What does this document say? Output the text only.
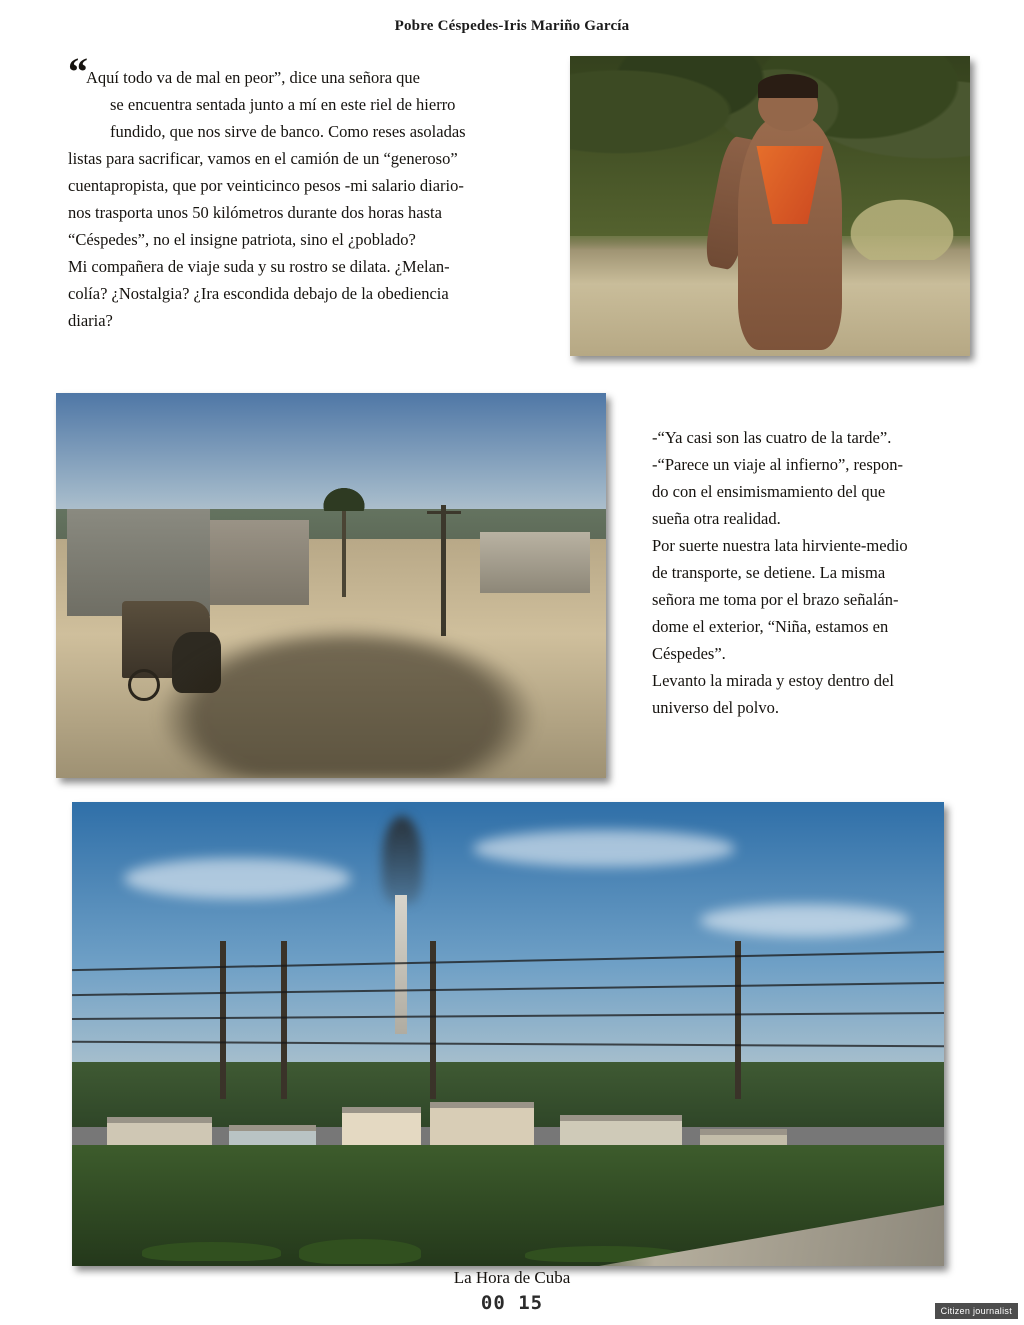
Pobre Céspedes-Iris Mariño García
“ Aquí todo va de mal en peor”, dice una señora que
se encuentra sentada junto a mí en este riel de hierro
fundido, que nos sirve de banco. Como reses asoladas
listas para sacrificar, vamos en el camión de un “generoso”
cuentapropista, que por veinticinco pesos -mi salario diario-
nos trasporta unos 50 kilómetros durante dos horas hasta
“Céspedes”, no el insigne patriota, sino el ¿poblado?
Mi compañera de viaje suda y su rostro se dilata. ¿Melan-
colía? ¿Nostalgia? ¿Ira escondida debajo de la obediencia
diaria?
-“Ya casi son las cuatro de la tarde”.
-“Parece un viaje al infierno”, respon-
do con el ensimismamiento del que
sueña otra realidad.
Por suerte nuestra lata hirviente-medio
de transporte, se detiene. La misma
señora me toma por el brazo señalán-
dome el exterior, “Niña, estamos en
Céspedes”.
Levanto la mirada y estoy dentro del
universo del polvo.
La Hora de Cuba
00 15	Citizen journalist
